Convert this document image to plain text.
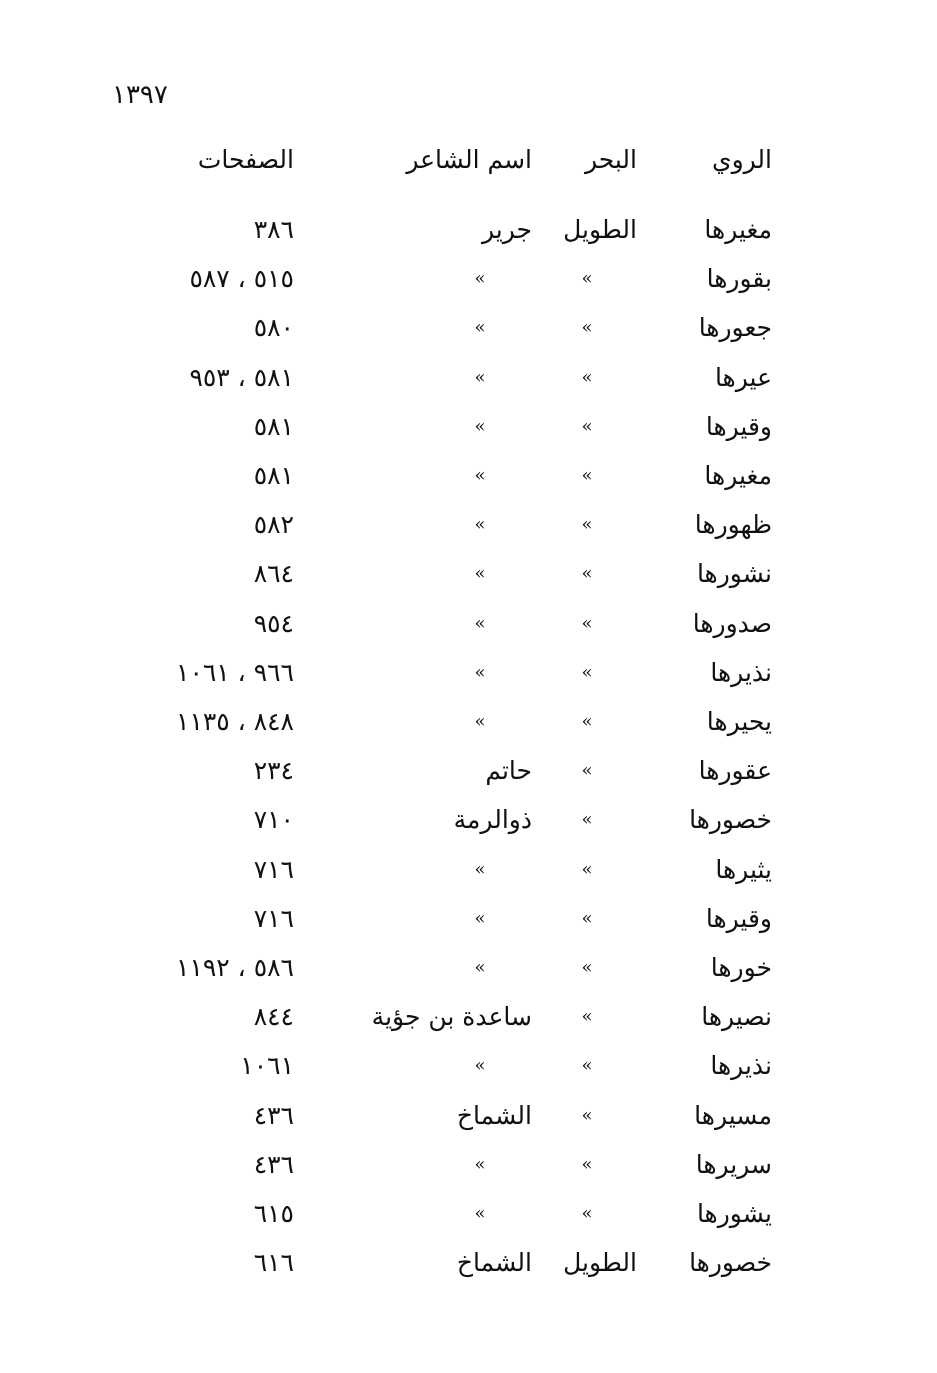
١٣٩٧
الروي
البحر
اسم الشاعر
الصفحات
مغيرها
الطويل
جرير
٣٨٦
بقورها
»
»
٥١٥ ، ٥٨٧
جعورها
»
»
٥٨٠
عيرها
»
»
٥٨١ ، ٩٥٣
وقيرها
»
»
٥٨١
مغيرها
»
»
٥٨١
ظهورها
»
»
٥٨٢
نشورها
»
»
٨٦٤
صدورها
»
»
٩٥٤
نذيرها
»
»
٩٦٦ ، ١٠٦١
يحيرها
»
»
٨٤٨ ، ١١٣٥
عقورها
»
حاتم
٢٣٤
خصورها
»
ذوالرمة
٧١٠
يثيرها
»
»
٧١٦
وقيرها
»
»
٧١٦
خورها
»
»
٥٨٦ ، ١١٩٢
نصيرها
»
ساعدة بن جؤية
٨٤٤
نذيرها
»
»
١٠٦١
مسيرها
»
الشماخ
٤٣٦
سريرها
»
»
٤٣٦
يشورها
»
»
٦١٥
خصورها
الطويل
الشماخ
٦١٦
